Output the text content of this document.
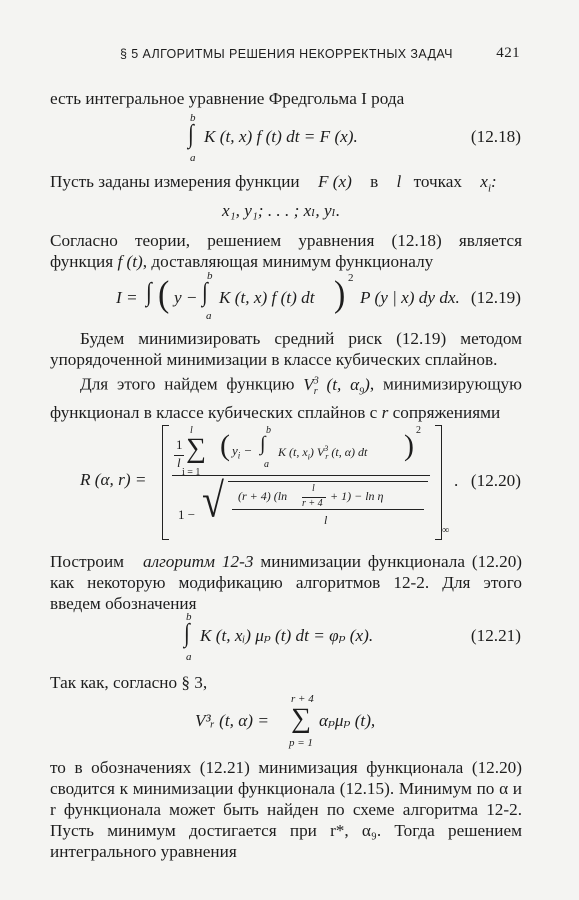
§ 5 АЛГОРИТМЫ РЕШЕНИЯ НЕКОРРЕКТНЫХ ЗАДАЧ	421
есть интегральное уравнение Фредгольма I рода
b
∫
a
K (t, x) f (t) dt = F (x).	(12.18)
Пусть заданы измерения функции F (x) в l точках $x_i$:
x₁, y₁; . . . ; xₗ, yₗ.

Согласно теории, решением уравнения (12.18) является функция f (t), доставляющая минимум функционалу

I = ∫ ( y −
b
∫
a
K (t, x) f (t) dt ) 2
P (y | x) dy dx. (12.19)

Будем минимизировать средний риск (12.19) методом упорядоченной минимизации в классе кубических сплайнов.

Для этого найдем функцию $V^3_r$ (t, $\alpha_9$), минимизирующую функционал в классе кубических сплайнов с r сопряжениями

R (α, r) =
∞
1
l
l
∑
i = 1
( $y_i$ −
b
∫
a
K (t, $x_i$) $V^3_r$ (t, α) dt ) 2
1 − √ (r + 4) (ln
l
r + 4
+ 1) − ln η
l
. (12.20)

Построим алгоритм 12-3 минимизации функционала (12.20) как некоторую модификацию алгоритмов 12-2. Для этого введем обозначения

b
∫
a
K (t, xᵢ) μₚ (t) dt = φₚ (x).	(12.21)
Так как, согласно § 3,
V³ᵣ (t, α) =
r + 4
∑
p = 1
αₚμₚ (t),

то в обозначениях (12.21) минимизация функционала (12.20) сводится к минимизации функционала (12.15). Минимум по α и r функционала может быть найден по схеме алгоритма 12-2. Пусть минимум достигается при r*, α₉. Тогда решением интегрального уравнения
